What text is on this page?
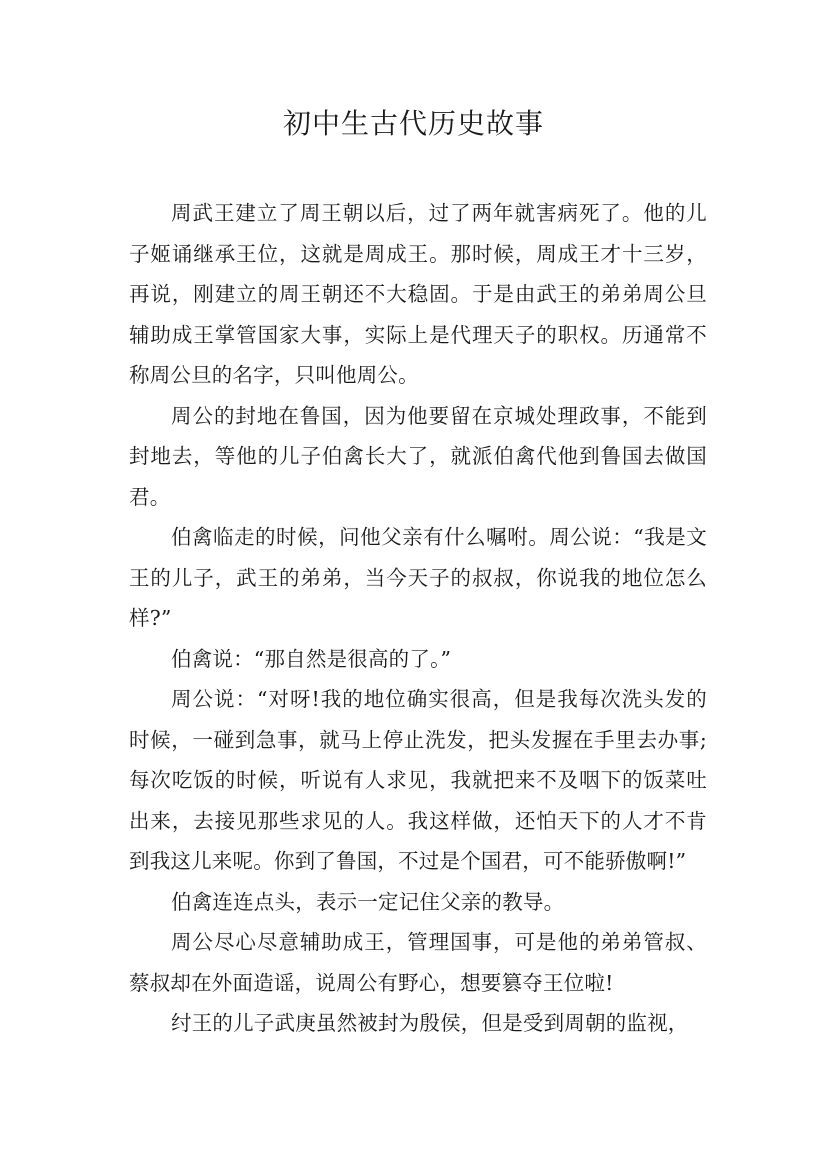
初中生古代历史故事

周武王建立了周王朝以后，过了两年就害病死了。他的儿子姬诵继承王位，这就是周成王。那时候，周成王才十三岁，再说，刚建立的周王朝还不大稳固。于是由武王的弟弟周公旦辅助成王掌管国家大事，实际上是代理天子的职权。历通常不称周公旦的名字，只叫他周公。

周公的封地在鲁国，因为他要留在京城处理政事，不能到封地去，等他的儿子伯禽长大了，就派伯禽代他到鲁国去做国君。

伯禽临走的时候，问他父亲有什么嘱咐。周公说：“我是文王的儿子，武王的弟弟，当今天子的叔叔，你说我的地位怎么样?”

伯禽说：“那自然是很高的了。”

周公说：“对呀!我的地位确实很高，但是我每次洗头发的时候，一碰到急事，就马上停止洗发，把头发握在手里去办事;每次吃饭的时候，听说有人求见，我就把来不及咽下的饭菜吐出来，去接见那些求见的人。我这样做，还怕天下的人才不肯到我这儿来呢。你到了鲁国，不过是个国君，可不能骄傲啊!”

伯禽连连点头，表示一定记住父亲的教导。

周公尽心尽意辅助成王，管理国事，可是他的弟弟管叔、蔡叔却在外面造谣，说周公有野心，想要篡夺王位啦!

纣王的儿子武庚虽然被封为殷侯，但是受到周朝的监视，
